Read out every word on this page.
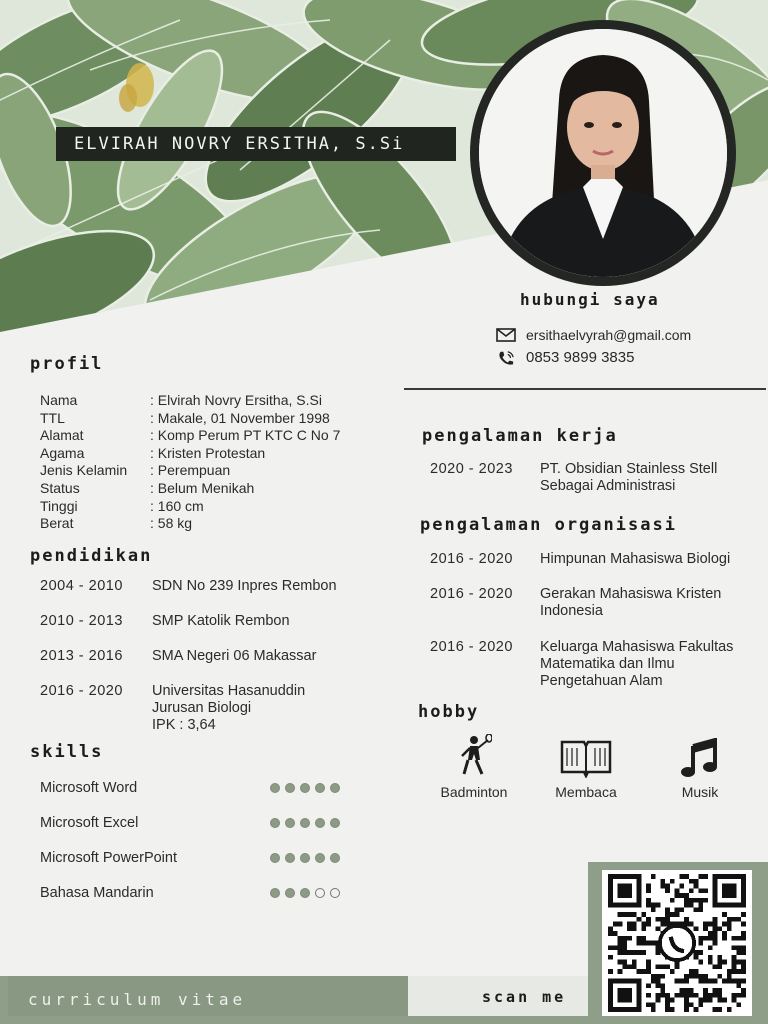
ELVIRAH NOVRY ERSITHA, S.Si
hubungi saya
ersithaelvyrah@gmail.com
0853 9899 3835
profil
Nama	: Elvirah Novry Ersitha, S.Si
TTL	: Makale, 01 November 1998
Alamat	: Komp Perum PT KTC C No 7
Agama	: Kristen Protestan
Jenis Kelamin	: Perempuan
Status	: Belum Menikah
Tinggi	: 160 cm
Berat	: 58 kg
pendidikan
2004 - 2010	SDN No 239 Inpres Rembon
2010 - 2013	SMP Katolik Rembon
2013 - 2016	SMA Negeri 06 Makassar
2016 - 2020	Universitas Hasanuddin
Jurusan Biologi
IPK : 3,64
skills
Microsoft Word
Microsoft Excel
Microsoft PowerPoint
Bahasa Mandarin
pengalaman kerja
2020 - 2023	PT. Obsidian Stainless Stell
Sebagai Administrasi
pengalaman organisasi
2016 - 2020	Himpunan Mahasiswa Biologi
2016 - 2020	Gerakan Mahasiswa Kristen
Indonesia
2016 - 2020	Keluarga Mahasiswa Fakultas
Matematika dan Ilmu
Pengetahuan Alam
hobby
Badminton	Membaca	Musik
curriculum vitae	scan me
